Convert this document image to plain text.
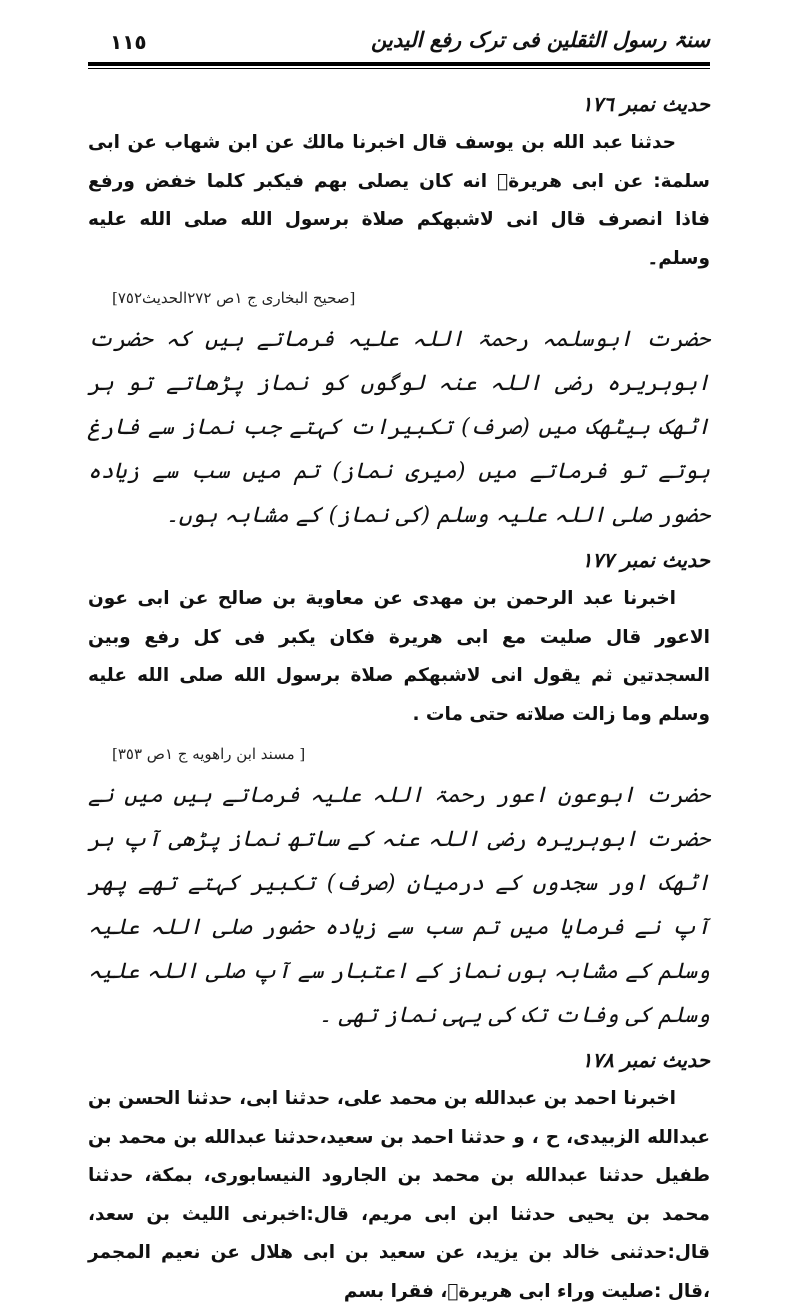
١١٥	سنۃ رسول الثقلین فی ترک رفع الیدین
حدیث نمبر ١٧٦
حدثنا عبد الله بن يوسف قال اخبرنا مالك عن ابن شهاب عن ابى سلمة: عن ابى هريرةؓ انه كان يصلى بهم فيكبر كلما خفض ورفع فاذا انصرف قال انى لاشبهكم صلاة برسول الله صلى الله عليه وسلم۔
[صحيح البخارى ج ١ص ٢٧٢الحديث٧٥٢]
حضرت ابوسلمہ رحمۃ اللہ علیہ فرماتے ہیں کہ حضرت ابوہریرہ رضی اللہ عنہ لوگوں کو نماز پڑھاتے تو ہر اٹھک بیٹھک میں (صرف) تکبیرات کہتے جب نماز سے فارغ ہوتے تو فرماتے میں (میری نماز) تم میں سب سے زیادہ حضور صلی اللہ علیہ وسلم (کی نماز) کے مشابہ ہوں۔
حدیث نمبر ١٧٧
اخبرنا عبد الرحمن بن مهدى عن معاوية بن صالح عن ابى عون الاعور قال صليت مع ابى هريرة فكان يكبر فى كل رفع وبين السجدتين ثم يقول انى لاشبهكم صلاة برسول الله صلى الله عليه وسلم وما زالت صلاته حتى مات .
[ مسند ابن راهويه ج ١ص ٣٥٣]
حضرت ابوعون اعور رحمۃ اللہ علیہ فرماتے ہیں میں نے حضرت ابوہریرہ رضی اللہ عنہ کے ساتھ نماز پڑھی آپ ہر اٹھک اور سجدوں کے درمیان (صرف) تکبیر کہتے تھے پھر آپ نے فرمایا میں تم سب سے زیادہ حضور صلی اللہ علیہ وسلم کے مشابہ ہوں نماز کے اعتبار سے آپ صلی اللہ علیہ وسلم کی وفات تک کی یہی نماز تھی ۔
حدیث نمبر ١٧٨
اخبرنا احمد بن عبدالله بن محمد على، حدثنا ابى، حدثنا الحسن بن عبدالله الزبيدى، ح ، و حدثنا احمد بن سعيد،حدثنا عبدالله بن محمد بن طفيل حدثنا عبدالله بن محمد بن الجارود النيسابورى، بمكة، حدثنا محمد بن يحيى حدثنا ابن ابى مريم، قال:اخبرنى الليث بن سعد، قال:حدثنى خالد بن يزيد، عن سعيد بن ابى هلال عن نعيم المجمر ،قال :صليت وراء ابى هريرةؓ، فقرا بسم
